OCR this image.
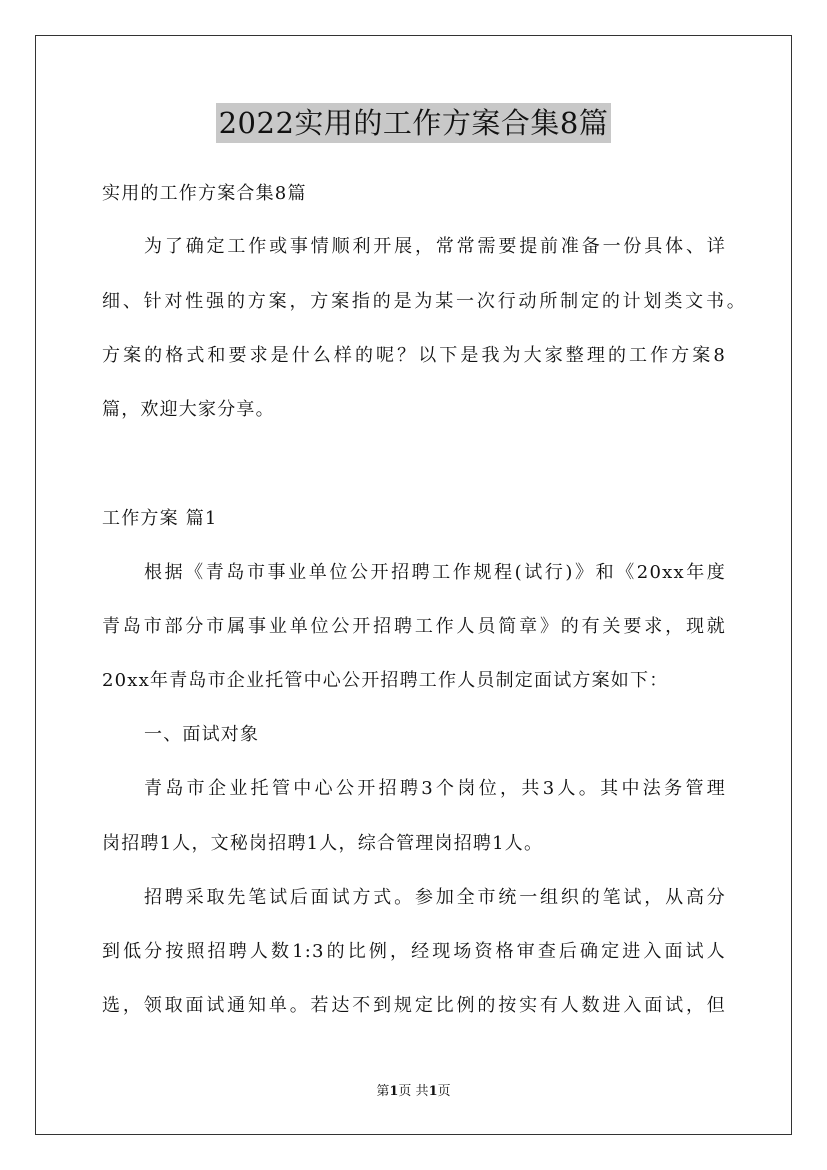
2022实用的工作方案合集8篇
实用的工作方案合集8篇
为了确定工作或事情顺利开展，常常需要提前准备一份具体、详
细、针对性强的方案，方案指的是为某一次行动所制定的计划类文书。
方案的格式和要求是什么样的呢？以下是我为大家整理的工作方案8
篇，欢迎大家分享。
工作方案 篇1
根据《青岛市事业单位公开招聘工作规程(试行)》和《20xx年度
青岛市部分市属事业单位公开招聘工作人员简章》的有关要求，现就
20xx年青岛市企业托管中心公开招聘工作人员制定面试方案如下：
一、面试对象
青岛市企业托管中心公开招聘3个岗位，共3人。其中法务管理
岗招聘1人，文秘岗招聘1人，综合管理岗招聘1人。
招聘采取先笔试后面试方式。参加全市统一组织的笔试，从高分
到低分按照招聘人数1:3的比例，经现场资格审查后确定进入面试人
选，领取面试通知单。若达不到规定比例的按实有人数进入面试，但
第1页 共1页
